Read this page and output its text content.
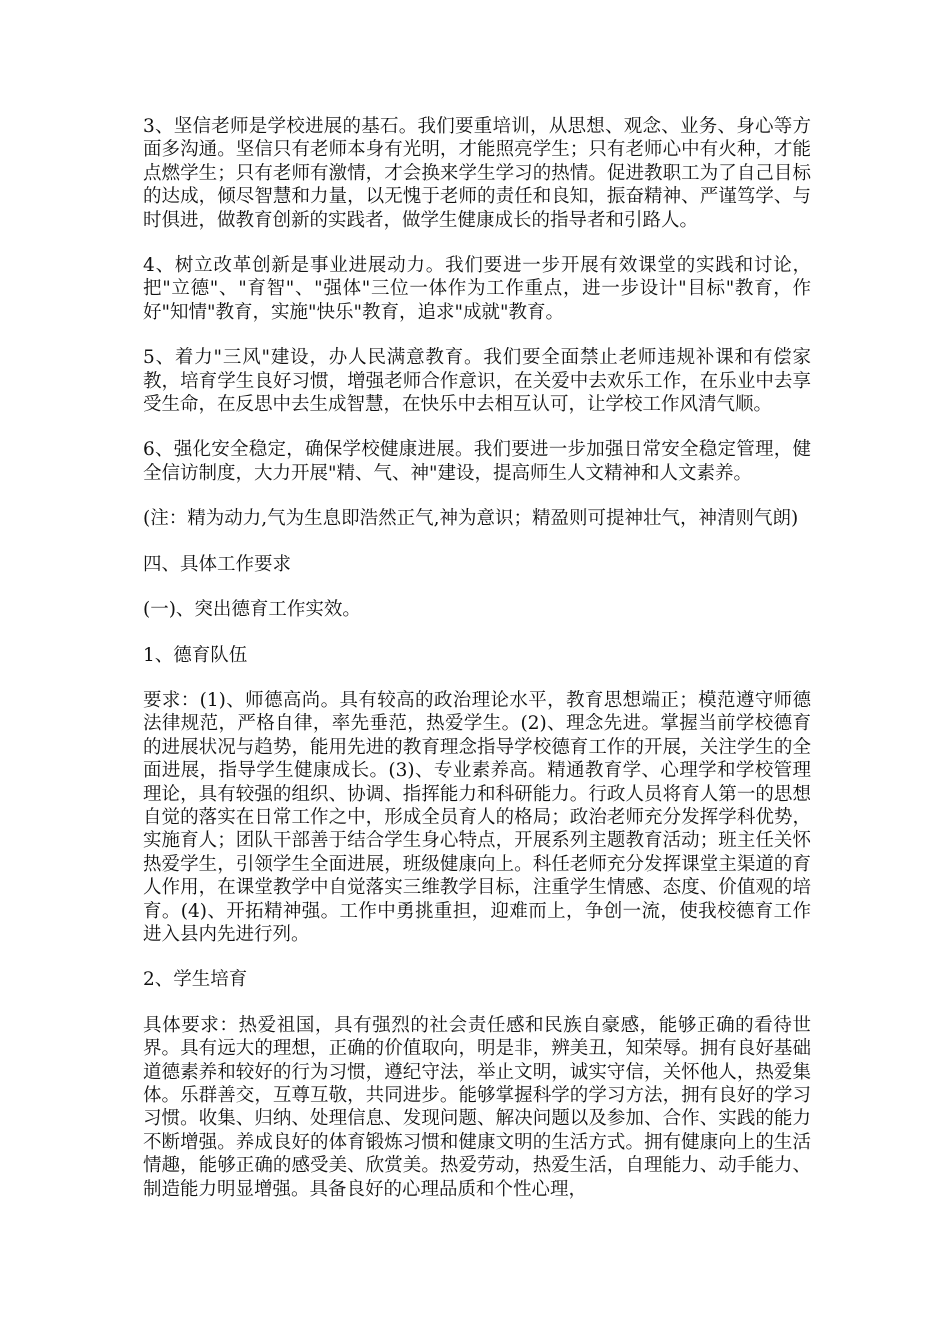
3、坚信老师是学校进展的基石。我们要重培训，从思想、观念、业务、身心等方面多沟通。坚信只有老师本身有光明，才能照亮学生；只有老师心中有火种，才能点燃学生；只有老师有激情，才会换来学生学习的热情。促进教职工为了自己目标的达成，倾尽智慧和力量，以无愧于老师的责任和良知，振奋精神、严谨笃学、与时俱进，做教育创新的实践者，做学生健康成长的指导者和引路人。

4、树立改革创新是事业进展动力。我们要进一步开展有效课堂的实践和讨论，把"立德"、"育智"、"强体"三位一体作为工作重点，进一步设计"目标"教育，作好"知情"教育，实施"快乐"教育，追求"成就"教育。

5、着力"三风"建设，办人民满意教育。我们要全面禁止老师违规补课和有偿家教，培育学生良好习惯，增强老师合作意识，在关爱中去欢乐工作，在乐业中去享受生命，在反思中去生成智慧，在快乐中去相互认可，让学校工作风清气顺。

6、强化安全稳定，确保学校健康进展。我们要进一步加强日常安全稳定管理，健全信访制度，大力开展"精、气、神"建设，提高师生人文精神和人文素养。

(注：精为动力,气为生息即浩然正气,神为意识；精盈则可提神壮气，神清则气朗)

四、具体工作要求

(一)、突出德育工作实效。

1、德育队伍

要求：(1)、师德高尚。具有较高的政治理论水平，教育思想端正；模范遵守师德法律规范，严格自律，率先垂范，热爱学生。(2)、理念先进。掌握当前学校德育的进展状况与趋势，能用先进的教育理念指导学校德育工作的开展，关注学生的全面进展，指导学生健康成长。(3)、专业素养高。精通教育学、心理学和学校管理理论，具有较强的组织、协调、指挥能力和科研能力。行政人员将育人第一的思想自觉的落实在日常工作之中，形成全员育人的格局；政治老师充分发挥学科优势，实施育人；团队干部善于结合学生身心特点，开展系列主题教育活动；班主任关怀热爱学生，引领学生全面进展，班级健康向上。科任老师充分发挥课堂主渠道的育人作用，在课堂教学中自觉落实三维教学目标，注重学生情感、态度、价值观的培育。(4)、开拓精神强。工作中勇挑重担，迎难而上，争创一流，使我校德育工作进入县内先进行列。

2、学生培育

具体要求：热爱祖国，具有强烈的社会责任感和民族自豪感，能够正确的看待世界。具有远大的理想，正确的价值取向，明是非，辨美丑，知荣辱。拥有良好基础道德素养和较好的行为习惯，遵纪守法，举止文明，诚实守信，关怀他人，热爱集体。乐群善交，互尊互敬，共同进步。能够掌握科学的学习方法，拥有良好的学习习惯。收集、归纳、处理信息、发现问题、解决问题以及参加、合作、实践的能力不断增强。养成良好的体育锻炼习惯和健康文明的生活方式。拥有健康向上的生活情趣，能够正确的感受美、欣赏美。热爱劳动，热爱生活，自理能力、动手能力、制造能力明显增强。具备良好的心理品质和个性心理，
